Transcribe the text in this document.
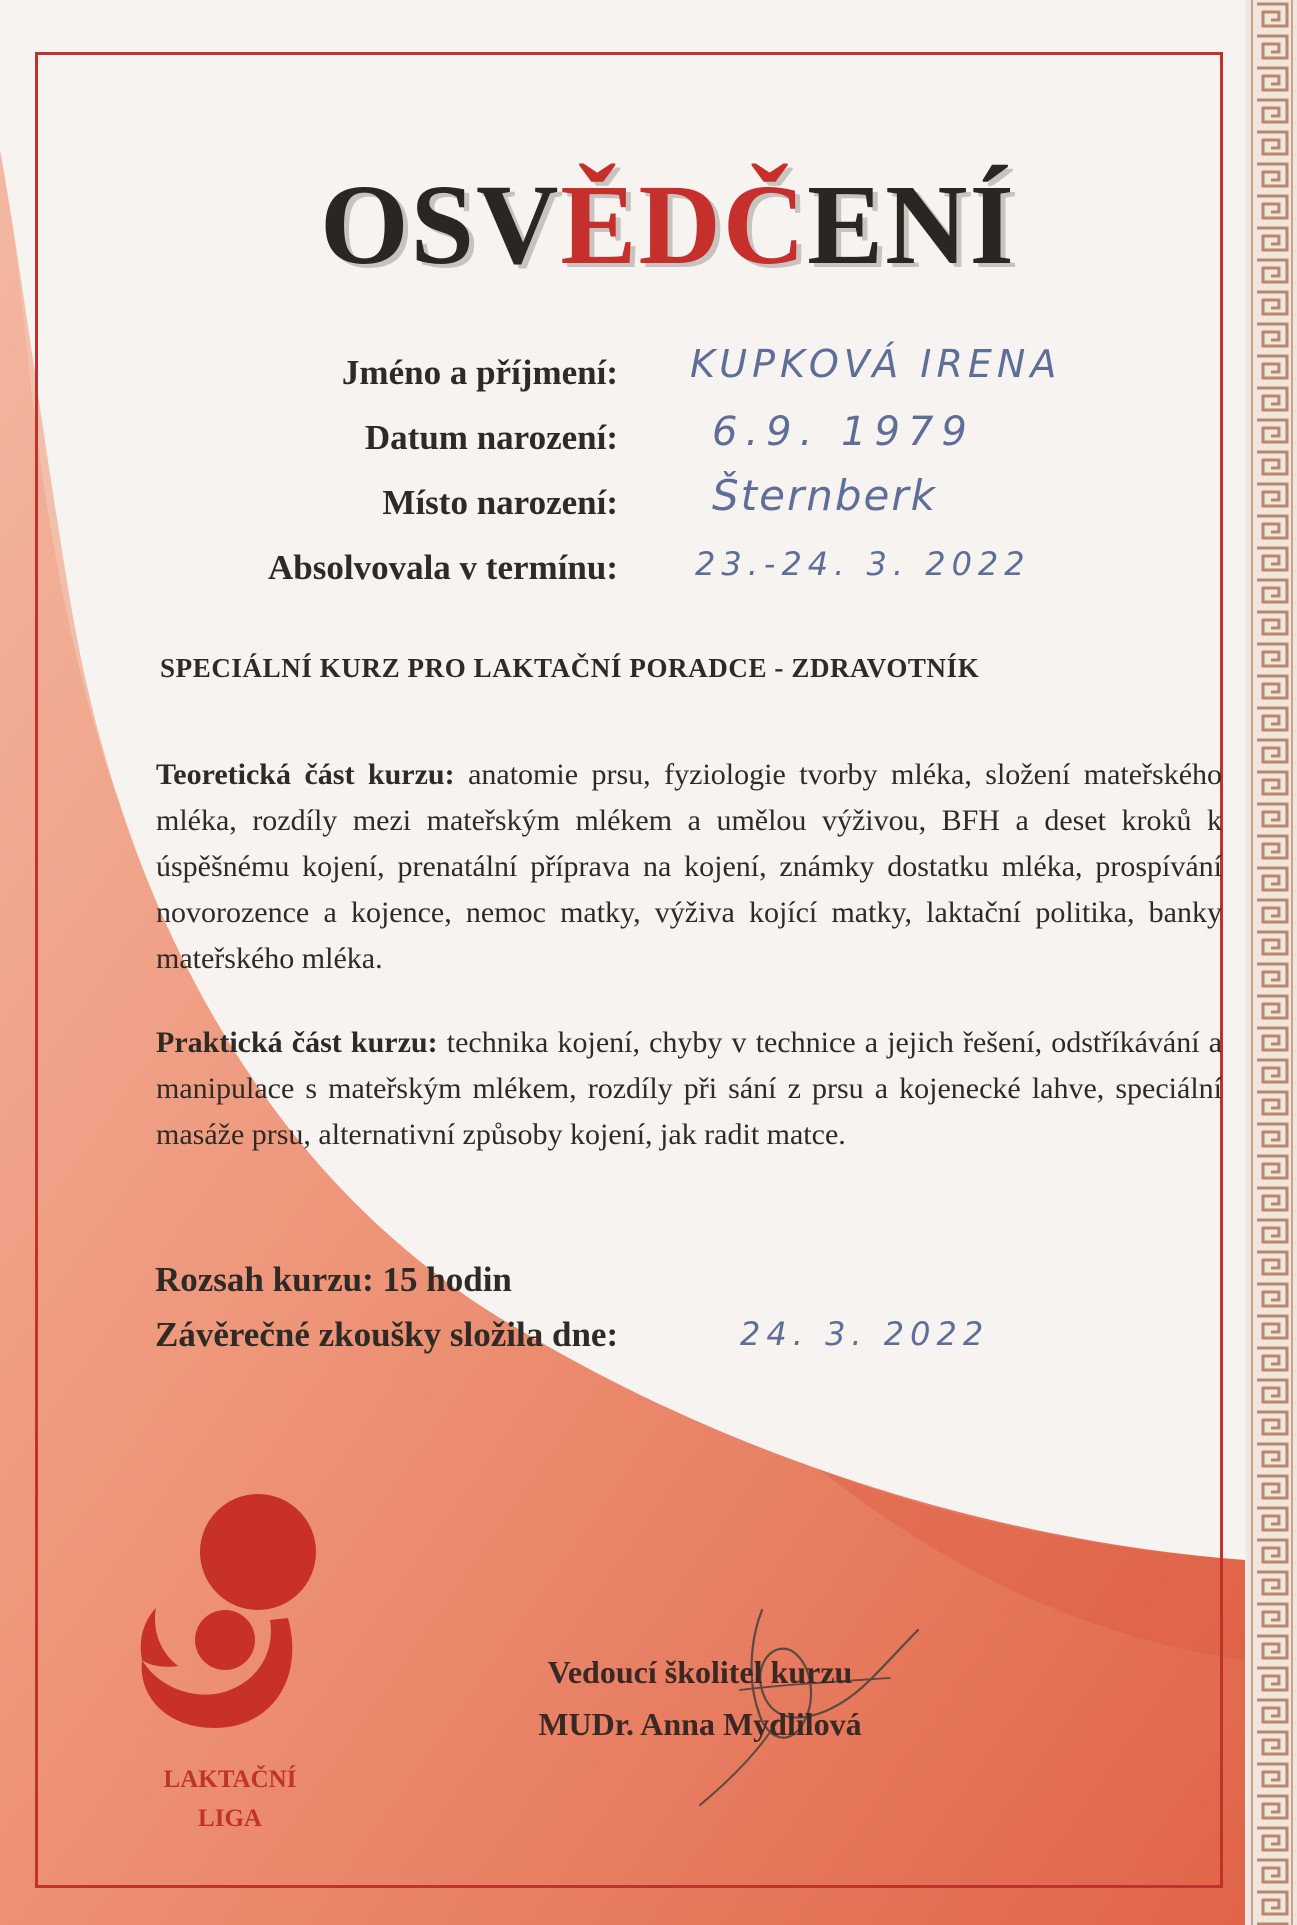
OSVĚDČENÍ
Jméno a příjmení: KUPKOVÁ IRENA
Datum narození: 6.9. 1979
Místo narození: Šternberk
Absolvovala v termínu: 23.-24. 3. 2022
SPECIÁLNÍ KURZ PRO LAKTAČNÍ PORADCE - ZDRAVOTNÍK

Teoretická část kurzu: anatomie prsu, fyziologie tvorby mléka, složení mateřského mléka, rozdíly mezi mateřským mlékem a umělou výživou, BFH a deset kroků k úspěšnému kojení, prenatální příprava na kojení, známky dostatku mléka, prospívání novorozence a kojence, nemoc matky, výživa kojící matky, laktační politika, banky mateřského mléka.

Praktická část kurzu: technika kojení, chyby v technice a jejich řešení, odstříkávání a manipulace s mateřským mlékem, rozdíly při sání z prsu a kojenecké lahve, speciální masáže prsu, alternativní způsoby kojení, jak radit matce.

Rozsah kurzu: 15 hodin
Závěrečné zkoušky složila dne:	24. 3. 2022
LAKTAČNÍ
LIGA
Vedoucí školitel kurzu
MUDr. Anna Mydlilová
